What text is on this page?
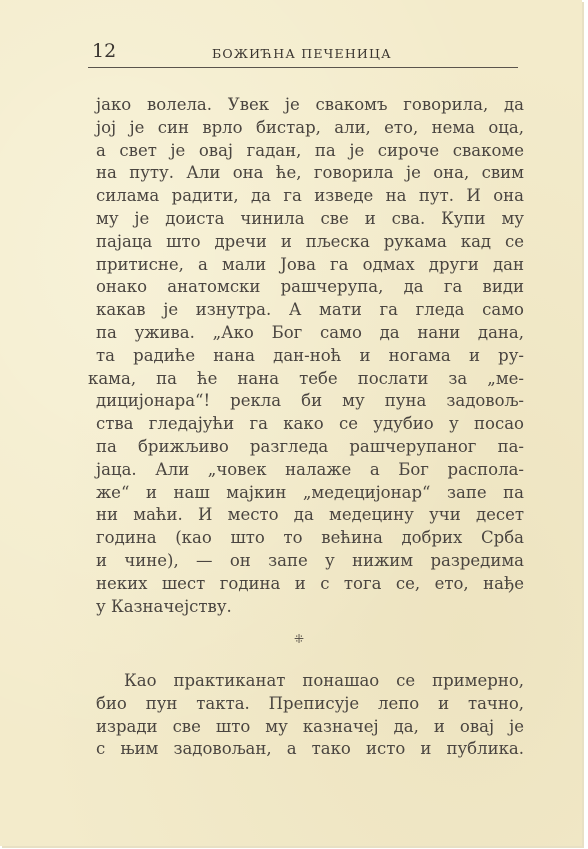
12	БОЖИЋНА ПЕЧЕНИЦА
јако волела. Увек је свакомъ говорила, да
јој је син врло бистар, али, ето, нема оца,
а свет је овај гадан, па је сироче свакоме
на путу. Али она ће, говорила је она, свим
силама радити, да га изведе на пут. И она
му је доиста чинила све и сва. Купи му
пајаца што дречи и пљеска рукама кад се
притисне, а мали Јова га одмах други дан
онако анатомски рашчерупа, да га види
какав је изнутра. А мати га гледа само
па ужива. „Ако Бог само да нани дана,
та радиће нана дан-ноћ и ногама и ру-
кама, па ће нана тебе послати за „ме-
дицијонара“! рекла би му пуна задовољ-
ства гледајући га како се удубио у посао
па брижљиво разгледа рашчерупаног па-
јаца. Али „човек налаже а Бог распола-
же“ и наш мајкин „медецијонар“ запе па
ни маћи. И место да медецину учи десет
година (као што то већина добрих Срба
и чине), — он запе у нижим разредима
неких шест година и с тога се, ето, нађе
у Казначејству.
⁜
Као практиканат понашао се примерно,
био пун такта. Преписује лепо и тачно,
изради све што му казначеј да, и овај је
с њим задовољан, а тако исто и публика.
